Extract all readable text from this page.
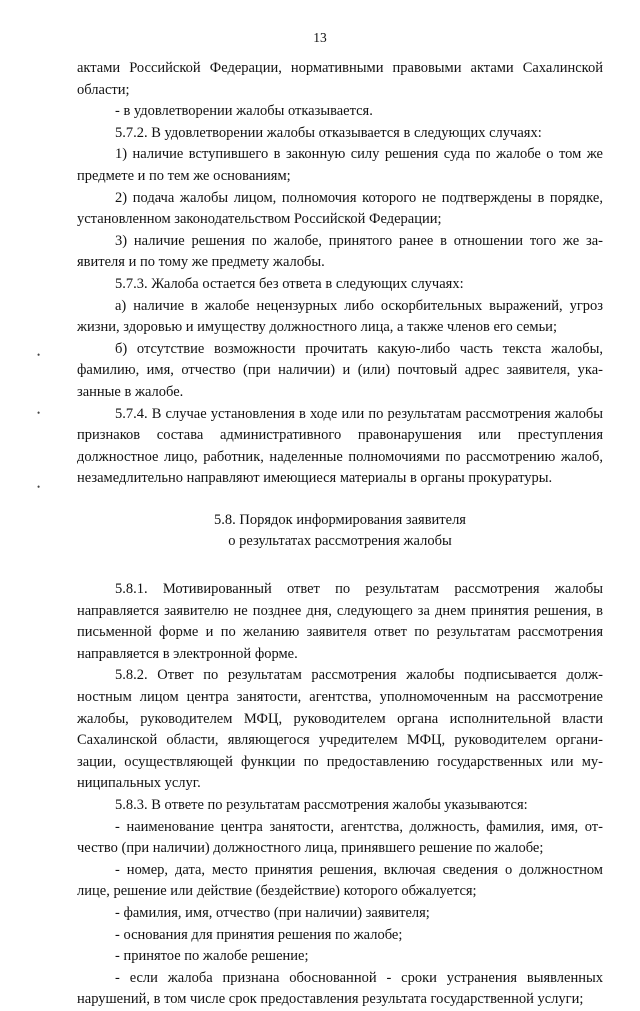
13
•
•
•

актами Российской Федерации, нормативными правовыми актами Сахалинской области;

- в удовлетворении жалобы отказывается.

5.7.2. В удовлетворении жалобы отказывается в следующих случаях:

1) наличие вступившего в законную силу решения суда по жалобе о том же предмете и по тем же основаниям;

2) подача жалобы лицом, полномочия которого не подтверждены в порядке, установленном законодательством Российской Федерации;

3) наличие решения по жалобе, принятого ранее в отношении того же заявителя и по тому же предмету жалобы.

5.7.3. Жалоба остается без ответа в следующих случаях:

а) наличие в жалобе нецензурных либо оскорбительных выражений, угроз жизни, здоровью и имуществу должностного лица, а также членов его семьи;

б) отсутствие возможности прочитать какую-либо часть текста жалобы, фамилию, имя, отчество (при наличии) и (или) почтовый адрес заявителя, указанные в жалобе.

5.7.4. В случае установления в ходе или по результатам рассмотрения жалобы признаков состава административного правонарушения или преступления должностное лицо, работник, наделенные полномочиями по рассмотрению жалоб, незамедлительно направляют имеющиеся материалы в органы прокуратуры.

5.8. Порядок информирования заявителя
о результатах рассмотрения жалобы

5.8.1. Мотивированный ответ по результатам рассмотрения жалобы направляется заявителю не позднее дня, следующего за днем принятия решения, в письменной форме и по желанию заявителя ответ по результатам рассмотрения направляется в электронной форме.

5.8.2. Ответ по результатам рассмотрения жалобы подписывается должностным лицом центра занятости, агентства, уполномоченным на рассмотрение жалобы, руководителем МФЦ, руководителем органа исполнительной власти Сахалинской области, являющегося учредителем МФЦ, руководителем организации, осуществляющей функции по предоставлению государственных или муниципальных услуг.

5.8.3. В ответе по результатам рассмотрения жалобы указываются:

- наименование центра занятости, агентства, должность, фамилия, имя, отчество (при наличии) должностного лица, принявшего решение по жалобе;

- номер, дата, место принятия решения, включая сведения о должностном лице, решение или действие (бездействие) которого обжалуется;

- фамилия, имя, отчество (при наличии) заявителя;

- основания для принятия решения по жалобе;

- принятое по жалобе решение;

- если жалоба признана обоснованной - сроки устранения выявленных нарушений, в том числе срок предоставления результата государственной услуги;
